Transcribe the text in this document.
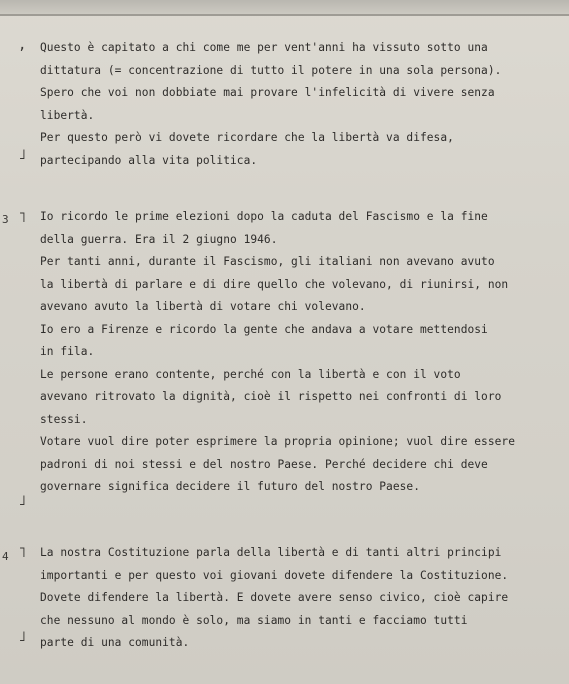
‚
˩
˥
3
˩
˥
4
˩
Questo è capitato a chi come me per vent'anni ha vissuto sotto una
dittatura (= concentrazione di tutto il potere in una sola persona).
Spero che voi non dobbiate mai provare l'infelicità di vivere senza
libertà.
Per questo però vi dovete ricordare che la libertà va difesa,
partecipando alla vita politica.
Io ricordo le prime elezioni dopo la caduta del Fascismo e la fine
della guerra. Era il 2 giugno 1946.
Per tanti anni, durante il Fascismo, gli italiani non avevano avuto
la libertà di parlare e di dire quello che volevano, di riunirsi, non
avevano avuto la libertà di votare chi volevano.
Io ero a Firenze e ricordo la gente che andava a votare mettendosi
in fila.
Le persone erano contente, perché con la libertà e con il voto
avevano ritrovato la dignità, cioè il rispetto nei confronti di loro
stessi.
Votare vuol dire poter esprimere la propria opinione; vuol dire essere
padroni di noi stessi e del nostro Paese. Perché decidere chi deve
governare significa decidere il futuro del nostro Paese.
La nostra Costituzione parla della libertà e di tanti altri principi
importanti e per questo voi giovani dovete difendere la Costituzione.
Dovete difendere la libertà. E dovete avere senso civico, cioè capire
che nessuno al mondo è solo, ma siamo in tanti e facciamo tutti
parte di una comunità.
